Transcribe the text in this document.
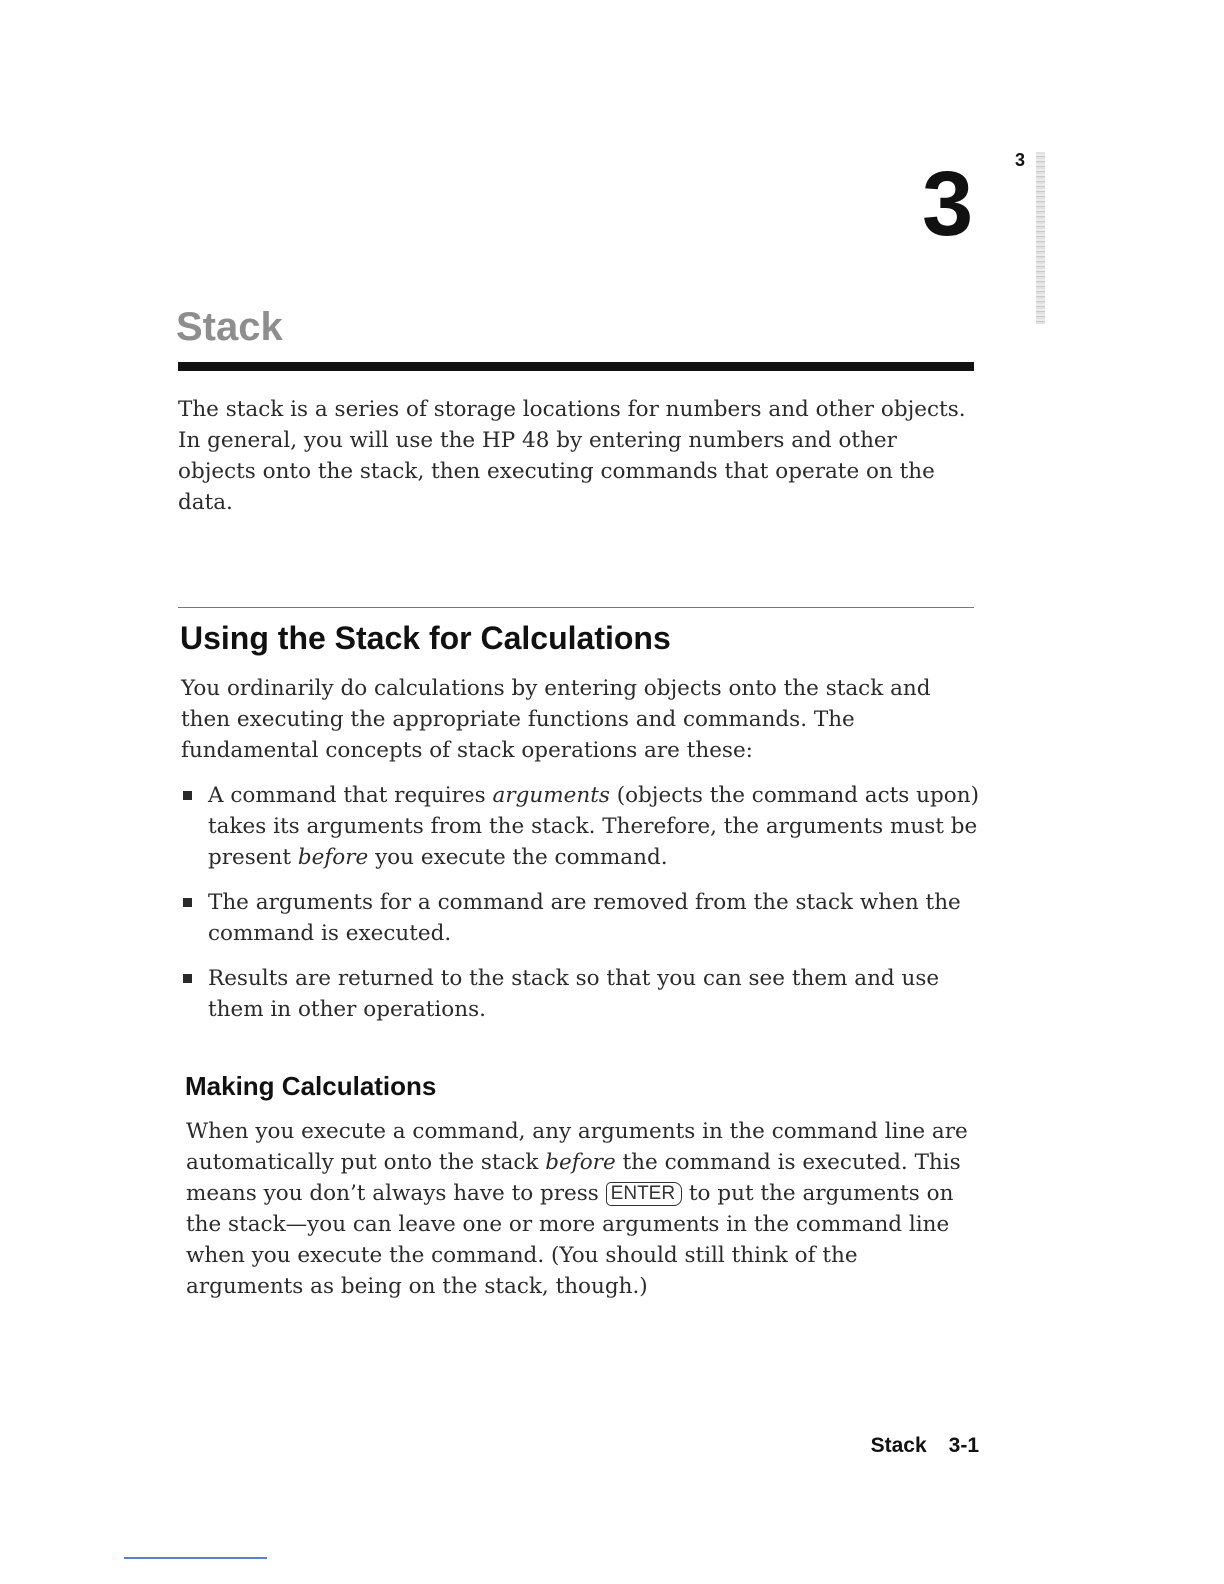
3
3
Stack

The stack is a series of storage locations for numbers and other objects. In general, you will use the HP 48 by entering numbers and other objects onto the stack, then executing commands that operate on the data.

Using the Stack for Calculations

You ordinarily do calculations by entering objects onto the stack and then executing the appropriate functions and commands. The fundamental concepts of stack operations are these:

A command that requires arguments (objects the command acts upon) takes its arguments from the stack. Therefore, the arguments must be present before you execute the command.
The arguments for a command are removed from the stack when the command is executed.
Results are returned to the stack so that you can see them and use them in other operations.
Making Calculations

When you execute a command, any arguments in the command line are automatically put onto the stack before the command is executed. This means you don’t always have to press ENTER to put the arguments on the stack—you can leave one or more arguments in the command line when you execute the command. (You should still think of the arguments as being on the stack, though.)

Stack 3-1
